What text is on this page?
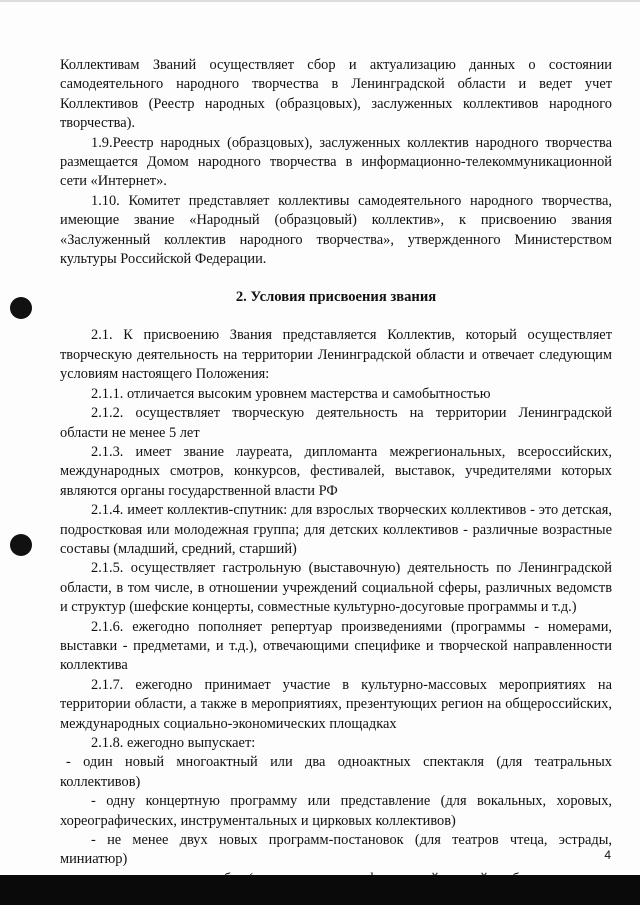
Коллективам Званий осуществляет сбор и актуализацию данных о состоянии самодеятельного народного творчества в Ленинградской области и ведет учет Коллективов (Реестр народных (образцовых), заслуженных коллективов народного творчества).

1.9.Реестр народных (образцовых), заслуженных коллектив народного творчества размещается Домом народного творчества в информационно-телекоммуникационной сети «Интернет».

1.10. Комитет представляет коллективы самодеятельного народного творчества, имеющие звание «Народный (образцовый) коллектив», к присвоению звания «Заслуженный коллектив народного творчества», утвержденного Министерством культуры Российской Федерации.

2. Условия присвоения звания

2.1. К присвоению Звания представляется Коллектив, который осуществляет творческую деятельность на территории Ленинградской области и отвечает следующим условиям настоящего Положения:

2.1.1. отличается высоким уровнем мастерства и самобытностью

2.1.2. осуществляет творческую деятельность на территории Ленинградской области не менее 5 лет

2.1.3. имеет звание лауреата, дипломанта межрегиональных, всероссийских, международных смотров, конкурсов, фестивалей, выставок, учредителями которых являются органы государственной власти РФ

2.1.4. имеет коллектив-спутник: для взрослых творческих коллективов - это детская, подростковая или молодежная группа; для детских коллективов - различные возрастные составы (младший, средний, старший)

2.1.5. осуществляет гастрольную (выставочную) деятельность по Ленинградской области, в том числе, в отношении учреждений социальной сферы, различных ведомств и структур (шефские концерты, совместные культурно-досуговые программы и т.д.)

2.1.6. ежегодно пополняет репертуар произведениями (программы - номерами, выставки - предметами, и т.д.), отвечающими специфике и творческой направленности коллектива

2.1.7. ежегодно принимает участие в культурно-массовых мероприятиях на территории области, а также в мероприятиях, презентующих регион на общероссийских, международных социально-экономических площадках

2.1.8. ежегодно выпускает:

- один новый многоактный или два одноактных спектакля (для театральных коллективов)

- одну концертную программу или представление (для вокальных, хоровых, хореографических, инструментальных и цирковых коллективов)

- не менее двух новых программ-постановок (для театров чтеца, эстрады, миниатюр)	4
